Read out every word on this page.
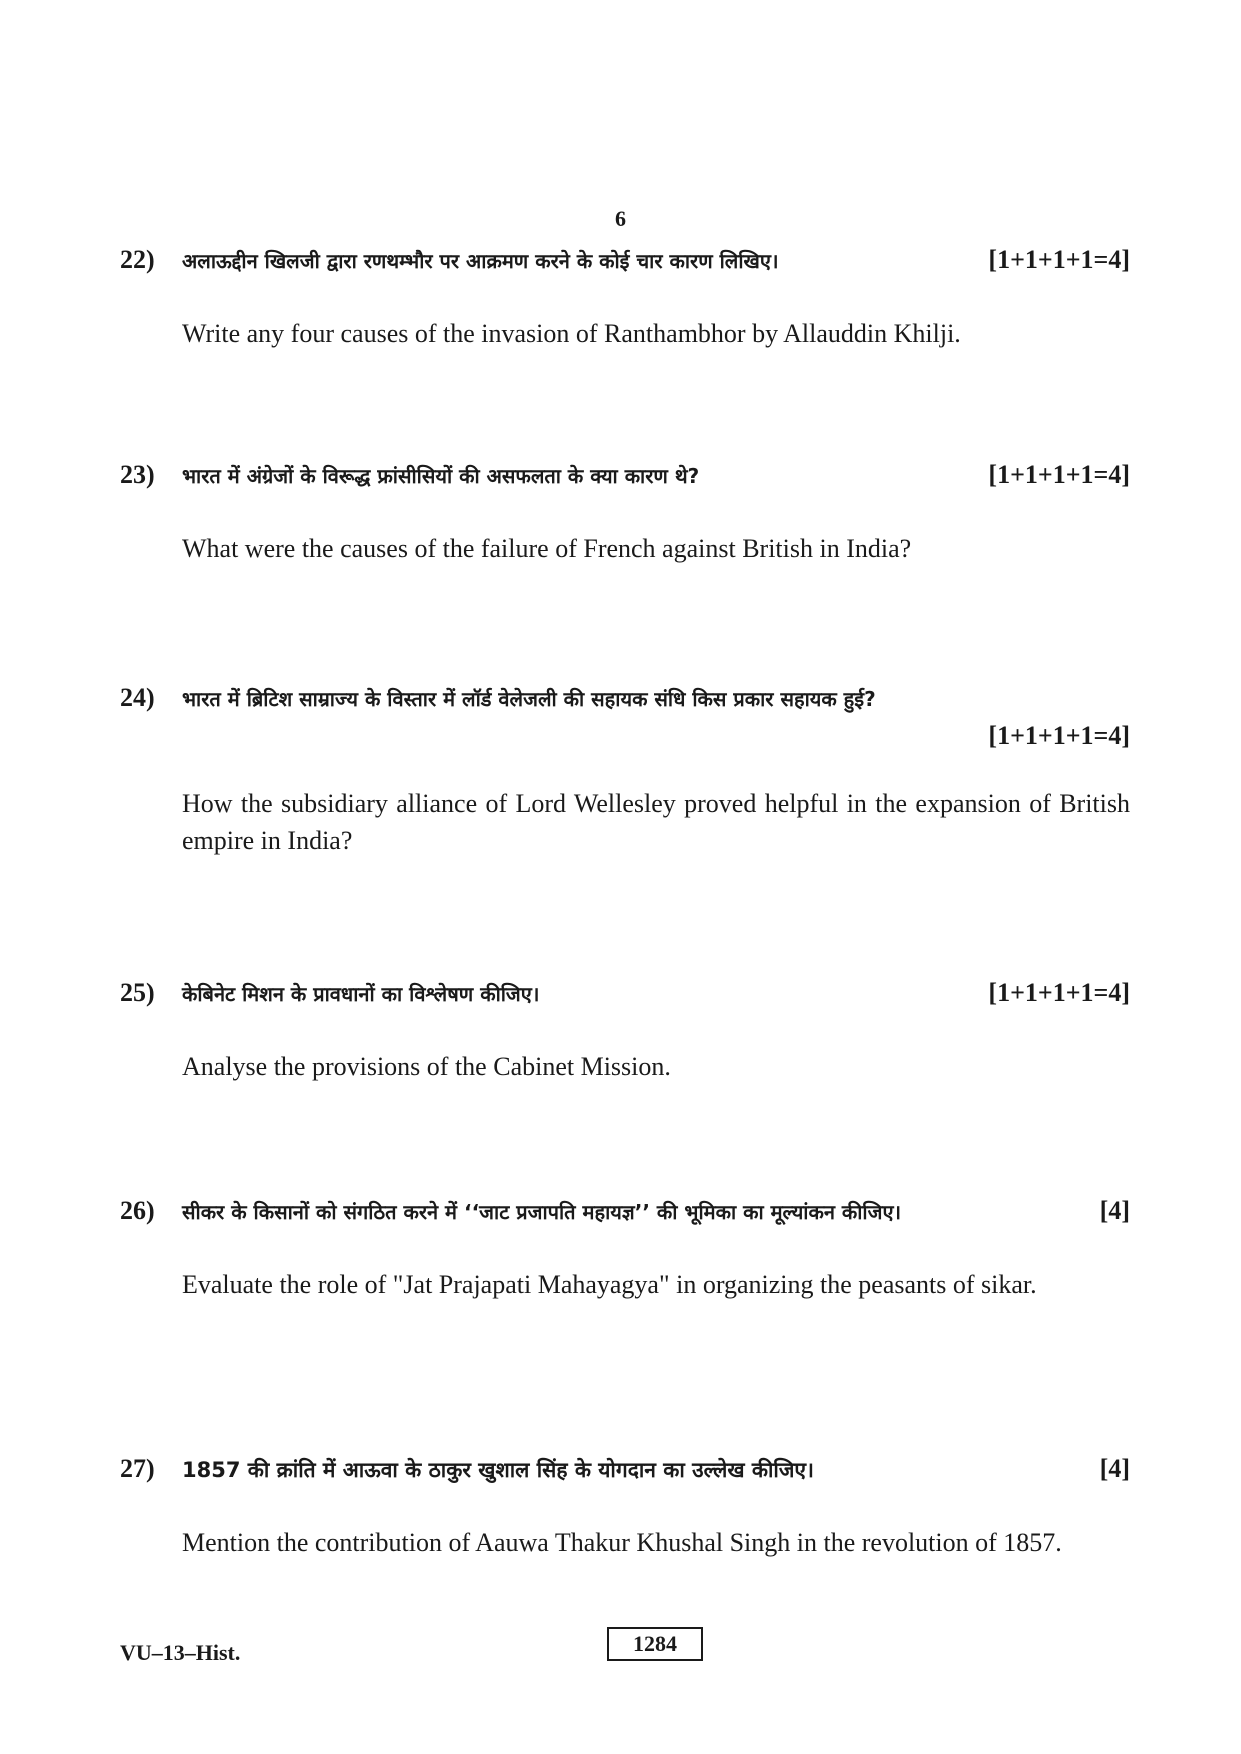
6
22) अलाऊद्दीन खिलजी द्वारा रणथम्भौर पर आक्रमण करने के कोई चार कारण लिखिए।	[1+1+1+1=4]
Write any four causes of the invasion of Ranthambhor by Allauddin Khilji.
23) भारत में अंग्रेजों के विरूद्ध फ्रांसीसियों की असफलता के क्या कारण थे?	[1+1+1+1=4]
What were the causes of the failure of French against British in India?
24) भारत में ब्रिटिश साम्राज्य के विस्तार में लॉर्ड वेलेजली की सहायक संधि किस प्रकार सहायक हुई?
[1+1+1+1=4]
How the subsidiary alliance of Lord Wellesley proved helpful in the expansion of British empire in India?
25) केबिनेट मिशन के प्रावधानों का विश्लेषण कीजिए।	[1+1+1+1=4]
Analyse the provisions of the Cabinet Mission.
26) सीकर के किसानों को संगठित करने में ‘‘जाट प्रजापति महायज्ञ’’ की भूमिका का मूल्यांकन कीजिए।	[4]
Evaluate the role of "Jat Prajapati Mahayagya" in organizing the peasants of sikar.
27) 1857 की क्रांति में आऊवा के ठाकुर खुशाल सिंह के योगदान का उल्लेख कीजिए।	[4]
Mention the contribution of Aauwa Thakur Khushal Singh in the revolution of 1857.
VU–13–Hist.	1284
